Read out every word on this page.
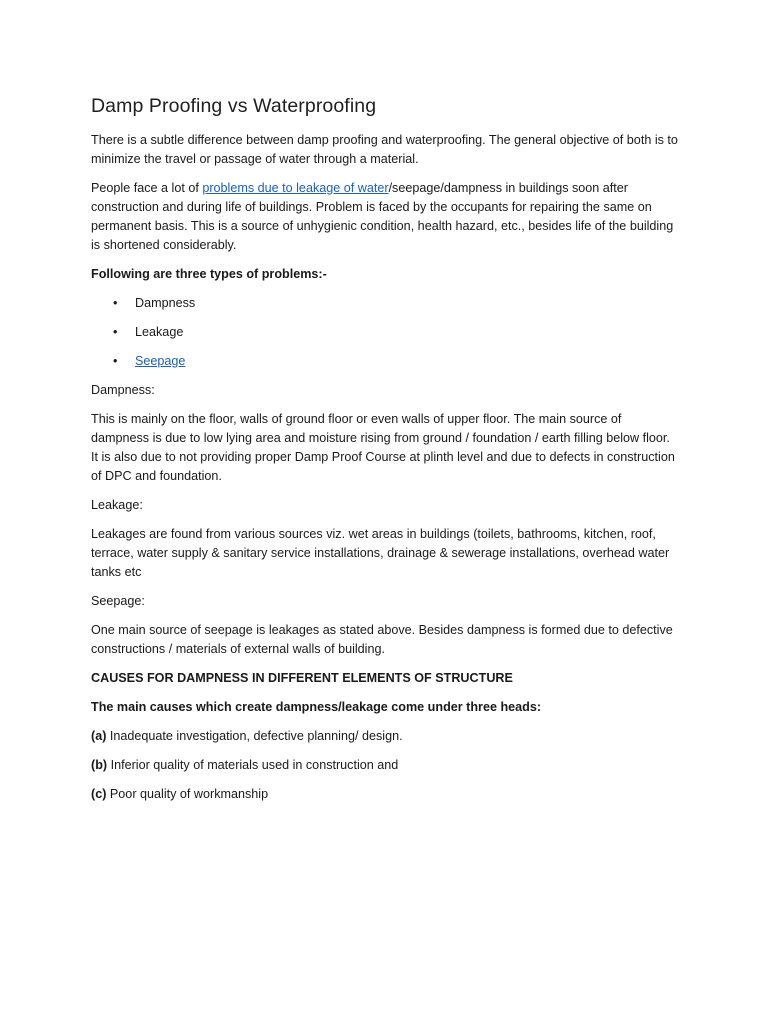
Damp Proofing vs Waterproofing

There is a subtle difference between damp proofing and waterproofing. The general objective of both is to minimize the travel or passage of water through a material.

People face a lot of problems due to leakage of water/seepage/dampness in buildings soon after construction and during life of buildings. Problem is faced by the occupants for repairing the same on permanent basis. This is a source of unhygienic condition, health hazard, etc., besides life of the building is shortened considerably.

Following are three types of problems:-

• Dampness
• Leakage
• Seepage

Dampness:

This is mainly on the floor, walls of ground floor or even walls of upper floor. The main source of dampness is due to low lying area and moisture rising from ground / foundation / earth filling below floor. It is also due to not providing proper Damp Proof Course at plinth level and due to defects in construction of DPC and foundation.

Leakage:

Leakages are found from various sources viz. wet areas in buildings (toilets, bathrooms, kitchen, roof, terrace, water supply & sanitary service installations, drainage & sewerage installations, overhead water tanks etc

Seepage:

One main source of seepage is leakages as stated above. Besides dampness is formed due to defective constructions / materials of external walls of building.

CAUSES FOR DAMPNESS IN DIFFERENT ELEMENTS OF STRUCTURE

The main causes which create dampness/leakage come under three heads:

(a) Inadequate investigation, defective planning/ design.

(b) Inferior quality of materials used in construction and

(c) Poor quality of workmanship
